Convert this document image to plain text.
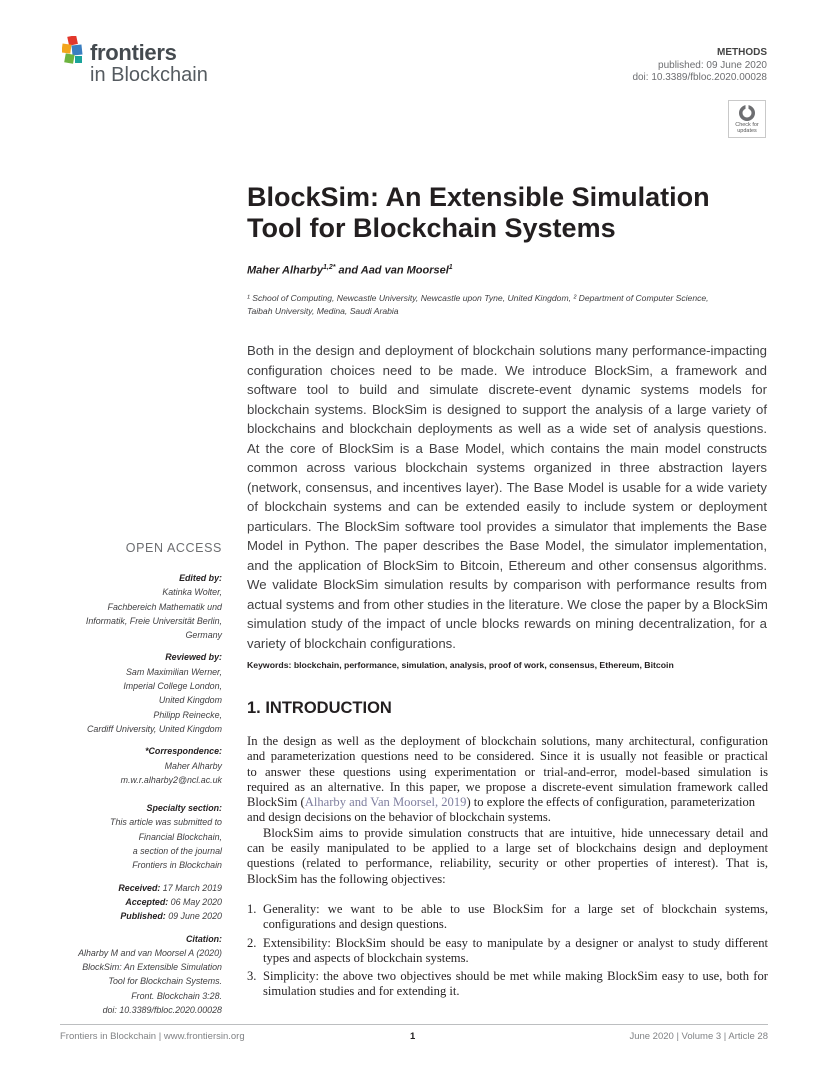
frontiers
in Blockchain
METHODS
published: 09 June 2020
doi: 10.3389/fbloc.2020.00028
Check for updates
BlockSim: An Extensible Simulation
Tool for Blockchain Systems
Maher Alharby$^{1,2*}$ and Aad van Moorsel$^1$
¹ School of Computing, Newcastle University, Newcastle upon Tyne, United Kingdom, ² Department of Computer Science,
Taibah University, Medina, Saudi Arabia
Both in the design and deployment of blockchain solutions many performance-impacting
configuration choices need to be made. We introduce BlockSim, a framework and
software tool to build and simulate discrete-event dynamic systems models for
blockchain systems. BlockSim is designed to support the analysis of a large variety of
blockchains and blockchain deployments as well as a wide set of analysis questions.
At the core of BlockSim is a Base Model, which contains the main model constructs
common across various blockchain systems organized in three abstraction layers
(network, consensus, and incentives layer). The Base Model is usable for a wide variety
of blockchain systems and can be extended easily to include system or deployment
particulars. The BlockSim software tool provides a simulator that implements the Base
Model in Python. The paper describes the Base Model, the simulator implementation,
and the application of BlockSim to Bitcoin, Ethereum and other consensus algorithms.
We validate BlockSim simulation results by comparison with performance results from
actual systems and from other studies in the literature. We close the paper by a BlockSim
simulation study of the impact of uncle blocks rewards on mining decentralization, for a
variety of blockchain configurations.
Keywords: blockchain, performance, simulation, analysis, proof of work, consensus, Ethereum, Bitcoin
OPEN ACCESS
Edited by:
Katinka Wolter,
Fachbereich Mathematik und
Informatik, Freie Universität Berlin,
Germany
Reviewed by:
Sam Maximilian Werner,
Imperial College London,
United Kingdom
Philipp Reinecke,
Cardiff University, United Kingdom
*Correspondence:
Maher Alharby
m.w.r.alharby2@ncl.ac.uk
Specialty section:
This article was submitted to
Financial Blockchain,
a section of the journal
Frontiers in Blockchain
Received: 17 March 2019
Accepted: 06 May 2020
Published: 09 June 2020
Citation:
Alharby M and van Moorsel A (2020)
BlockSim: An Extensible Simulation
Tool for Blockchain Systems.
Front. Blockchain 3:28.
doi: 10.3389/fbloc.2020.00028
1. INTRODUCTION
In the design as well as the deployment of blockchain solutions, many architectural, configuration
and parameterization questions need to be considered. Since it is usually not feasible or practical
to answer these questions using experimentation or trial-and-error, model-based simulation is
required as an alternative. In this paper, we propose a discrete-event simulation framework called
BlockSim (Alharby and Van Moorsel, 2019) to explore the effects of configuration, parameterization
and design decisions on the behavior of blockchain systems.
BlockSim aims to provide simulation constructs that are intuitive, hide unnecessary detail and
can be easily manipulated to be applied to a large set of blockchains design and deployment
questions (related to performance, reliability, security or other properties of interest). That is,
BlockSim has the following objectives:
1. Generality: we want to be able to use BlockSim for a large set of blockchain systems,
configurations and design questions.
2. Extensibility: BlockSim should be easy to manipulate by a designer or analyst to study different
types and aspects of blockchain systems.
3. Simplicity: the above two objectives should be met while making BlockSim easy to use, both for
simulation studies and for extending it.
Frontiers in Blockchain | www.frontiersin.org	1	June 2020 | Volume 3 | Article 28
